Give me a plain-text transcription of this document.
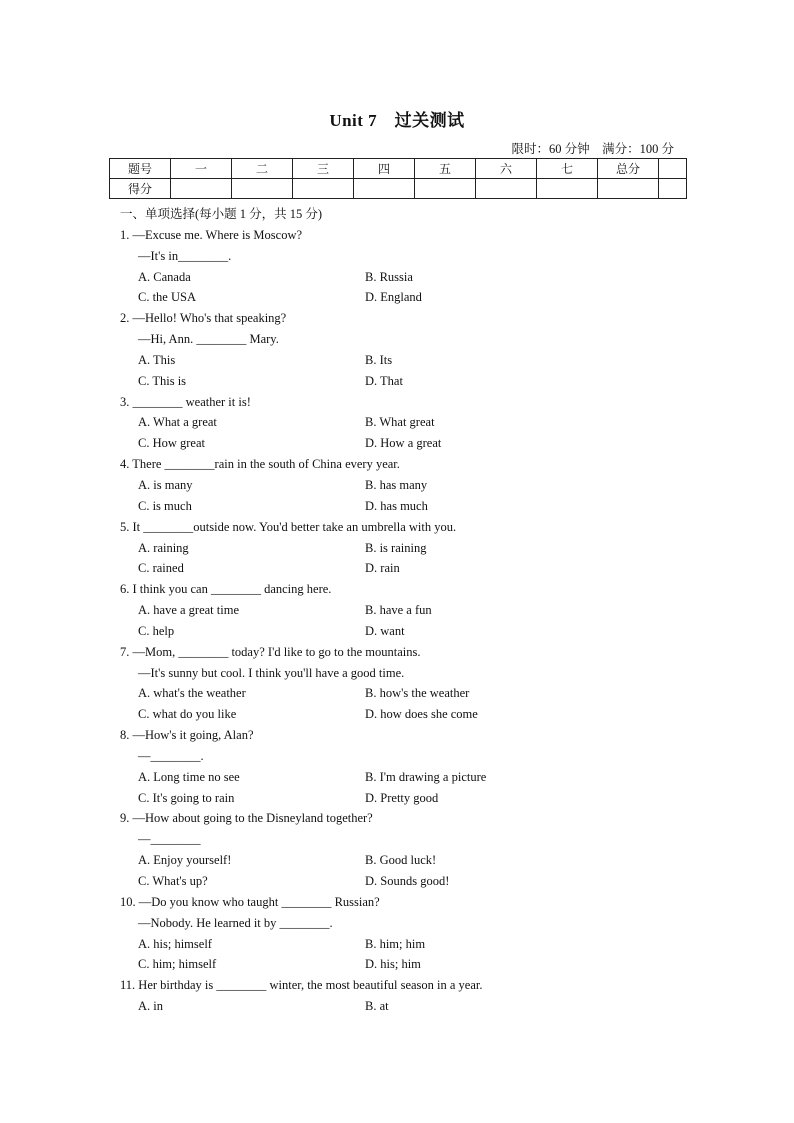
Unit 7　过关测试
限时：60 分钟　满分：100 分
题号	一	二	三	四	五	六	七	总分	
得分									
一、单项选择(每小题 1 分，共 15 分)
1. —Excuse me. Where is Moscow?
—It's in________.
A. Canada	B. Russia
C. the USA	D. England
2. —Hello! Who's that speaking?
—Hi, Ann. ________ Mary.
A. This	B. Its
C. This is	D. That
3. ________ weather it is!
A. What a great	B. What great
C. How great	D. How a great
4. There ________rain in the south of China every year.
A. is many	B. has many
C. is much	D. has much
5. It ________outside now. You'd better take an umbrella with you.
A. raining	B. is raining
C. rained	D. rain
6. I think you can ________ dancing here.
A. have a great time	B. have a fun
C. help	D. want
7. —Mom, ________ today? I'd like to go to the mountains.
—It's sunny but cool. I think you'll have a good time.
A. what's the weather	B. how's the weather
C. what do you like	D. how does she come
8. —How's it going, Alan?
—________.
A. Long time no see	B. I'm drawing a picture
C. It's going to rain	D. Pretty good
9. —How about going to the Disneyland together?
—________
A. Enjoy yourself!	B. Good luck!
C. What's up?	D. Sounds good!
10. —Do you know who taught ________ Russian?
—Nobody. He learned it by ________.
A. his; himself	B. him; him
C. him; himself	D. his; him
11. Her birthday is ________ winter, the most beautiful season in a year.
A. in	B. at
